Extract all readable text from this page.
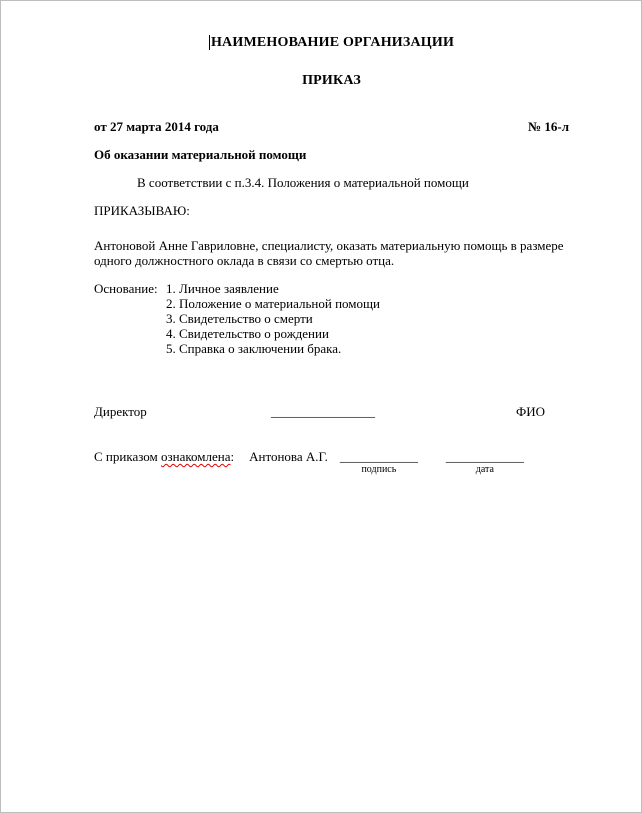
НАИМЕНОВАНИЕ ОРГАНИЗАЦИИ
ПРИКАЗ
от 27 марта 2014 года	№ 16-л
Об оказании материальной помощи
В соответствии с п.3.4. Положения о материальной помощи
ПРИКАЗЫВАЮ:
Антоновой Анне Гавриловне, специалисту, оказать материальную помощь в размере одного должностного оклада в связи со смертью отца.
Основание: 1. Личное заявление
2. Положение о материальной помощи
3. Свидетельство о смерти
4. Свидетельство о рождении
5. Справка о заключении брака.
Директор	________________	ФИО
С приказом ознакомлена: Антонова А.Г. ____________
подпись
____________
дата
